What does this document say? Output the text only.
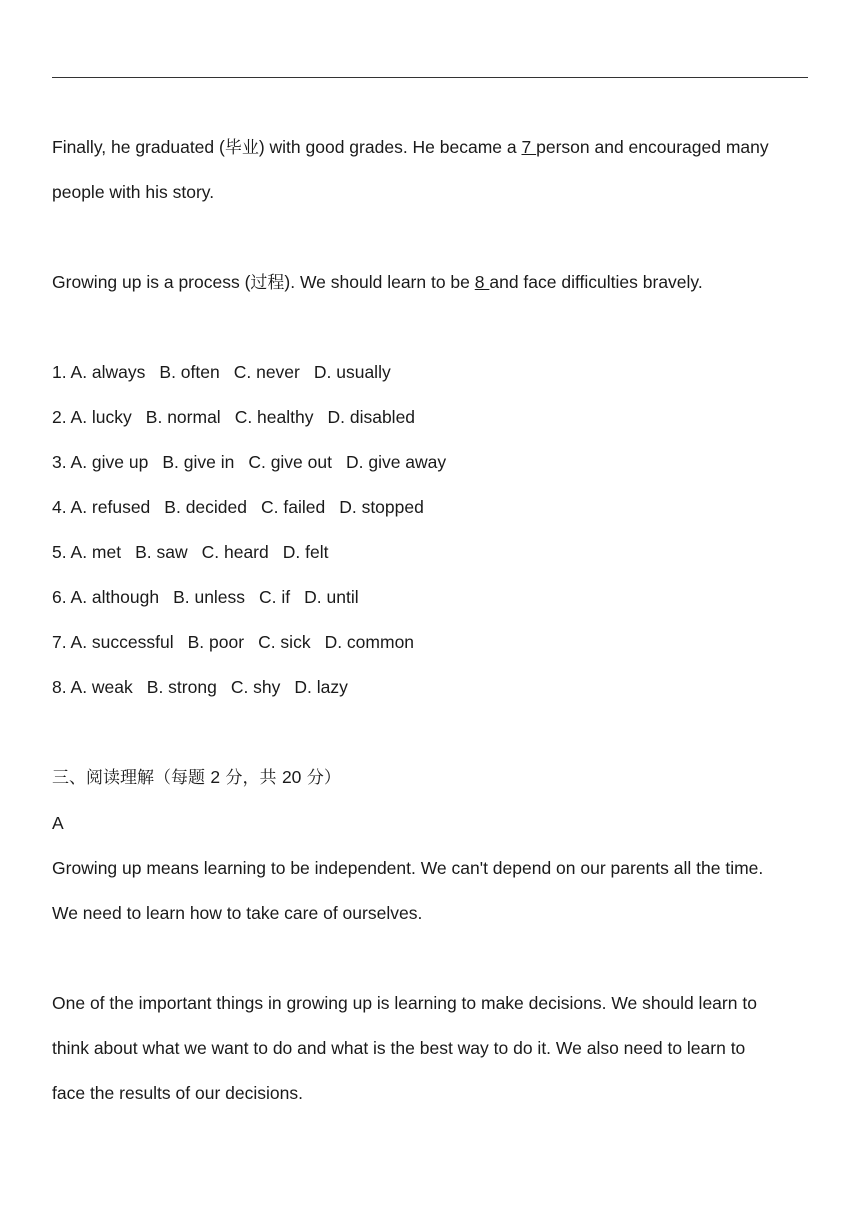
Finally, he graduated (毕业) with good grades. He became a 7 person and encouraged many
people with his story.
Growing up is a process (过程). We should learn to be 8 and face difficulties bravely.
1. A. always B. often C. never D. usually
2. A. lucky B. normal C. healthy D. disabled
3. A. give up B. give in C. give out D. give away
4. A. refused B. decided C. failed D. stopped
5. A. met B. saw C. heard D. felt
6. A. although B. unless C. if D. until
7. A. successful B. poor C. sick D. common
8. A. weak B. strong C. shy D. lazy
三、阅读理解（每题 2 分，共 20 分）
A
Growing up means learning to be independent. We can't depend on our parents all the time.
We need to learn how to take care of ourselves.
One of the important things in growing up is learning to make decisions. We should learn to
think about what we want to do and what is the best way to do it. We also need to learn to
face the results of our decisions.
